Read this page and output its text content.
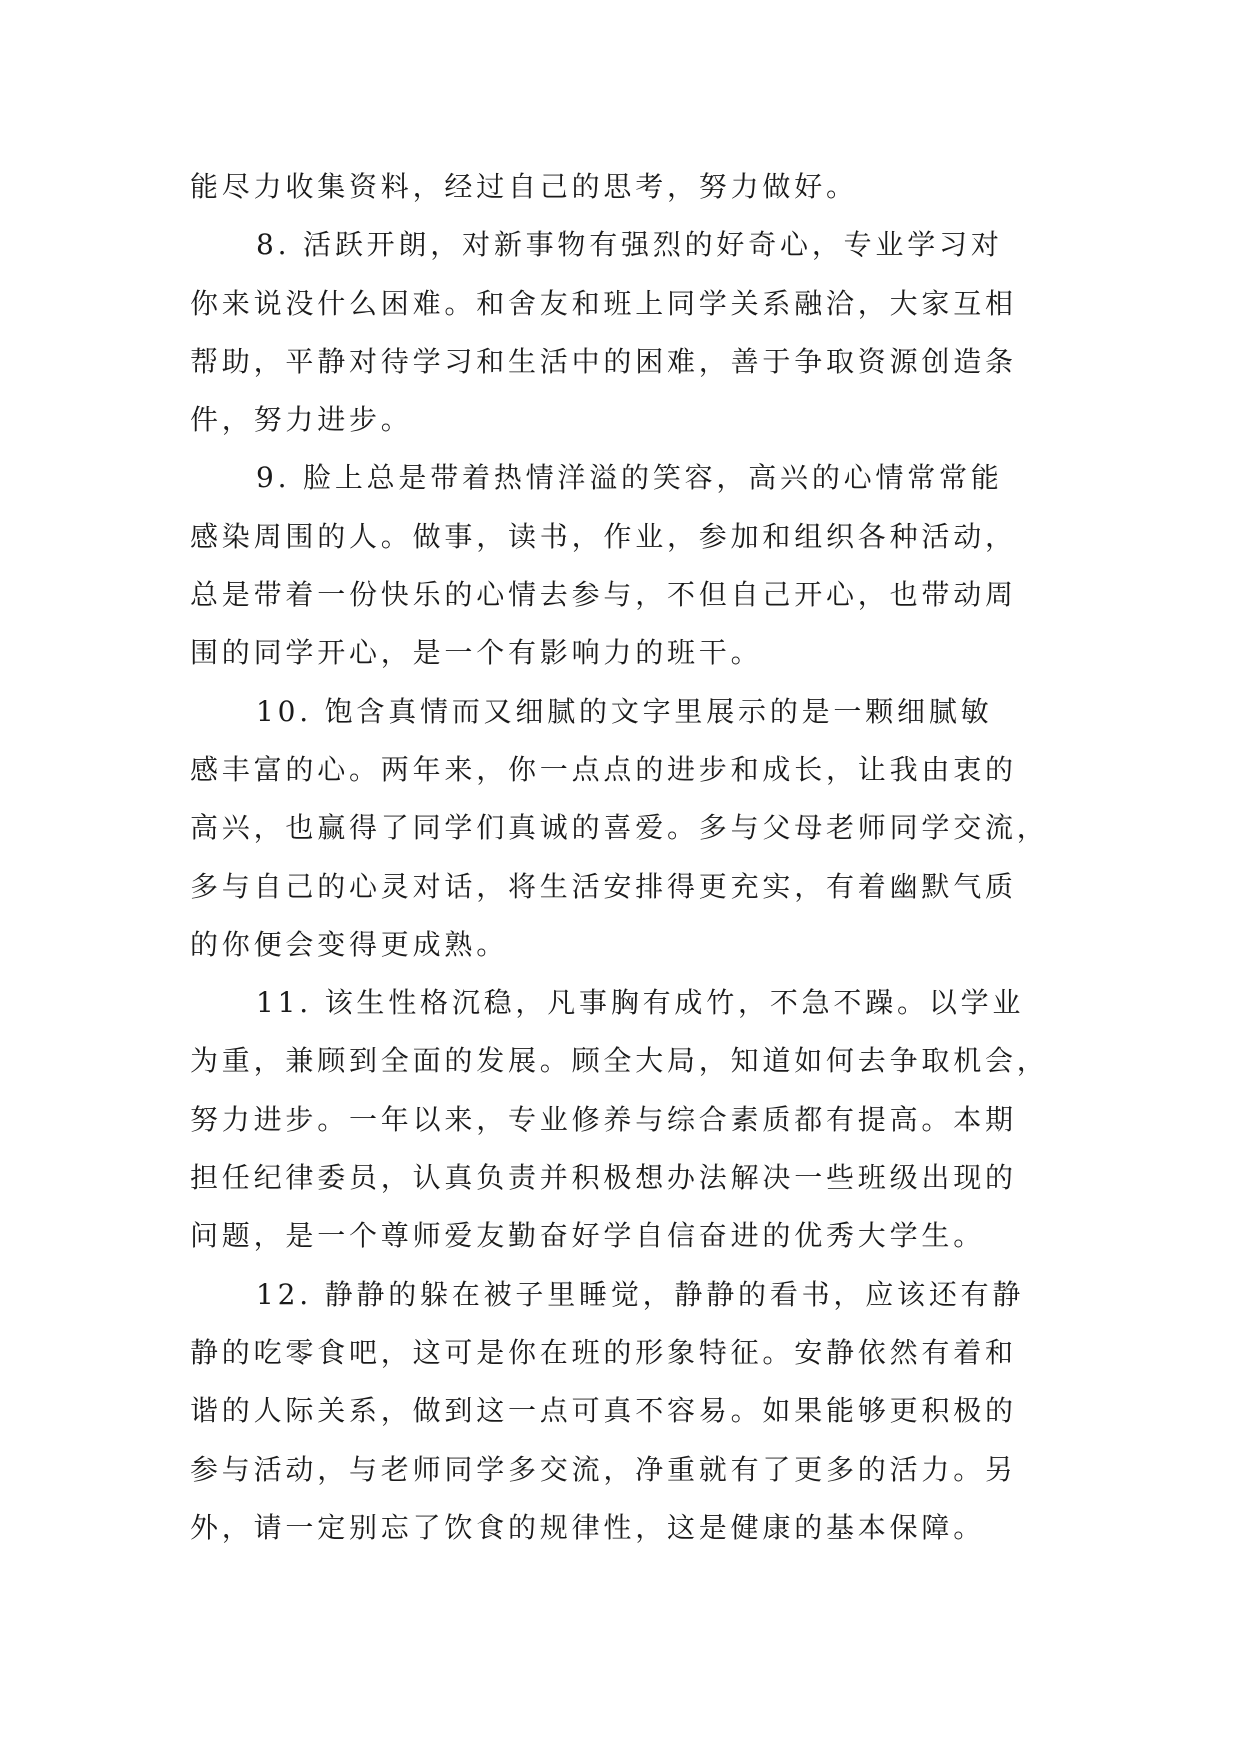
能尽力收集资料，经过自己的思考，努力做好。
8. 活跃开朗，对新事物有强烈的好奇心，专业学习对
你来说没什么困难。和舍友和班上同学关系融洽，大家互相
帮助，平静对待学习和生活中的困难，善于争取资源创造条
件，努力进步。
9. 脸上总是带着热情洋溢的笑容，高兴的心情常常能
感染周围的人。做事，读书，作业，参加和组织各种活动，
总是带着一份快乐的心情去参与，不但自己开心，也带动周
围的同学开心，是一个有影响力的班干。
10. 饱含真情而又细腻的文字里展示的是一颗细腻敏
感丰富的心。两年来，你一点点的进步和成长，让我由衷的
高兴，也赢得了同学们真诚的喜爱。多与父母老师同学交流，
多与自己的心灵对话，将生活安排得更充实，有着幽默气质
的你便会变得更成熟。
11. 该生性格沉稳，凡事胸有成竹，不急不躁。以学业
为重，兼顾到全面的发展。顾全大局，知道如何去争取机会，
努力进步。一年以来，专业修养与综合素质都有提高。本期
担任纪律委员，认真负责并积极想办法解决一些班级出现的
问题，是一个尊师爱友勤奋好学自信奋进的优秀大学生。
12. 静静的躲在被子里睡觉，静静的看书，应该还有静
静的吃零食吧，这可是你在班的形象特征。安静依然有着和
谐的人际关系，做到这一点可真不容易。如果能够更积极的
参与活动，与老师同学多交流，净重就有了更多的活力。另
外，请一定别忘了饮食的规律性，这是健康的基本保障。
